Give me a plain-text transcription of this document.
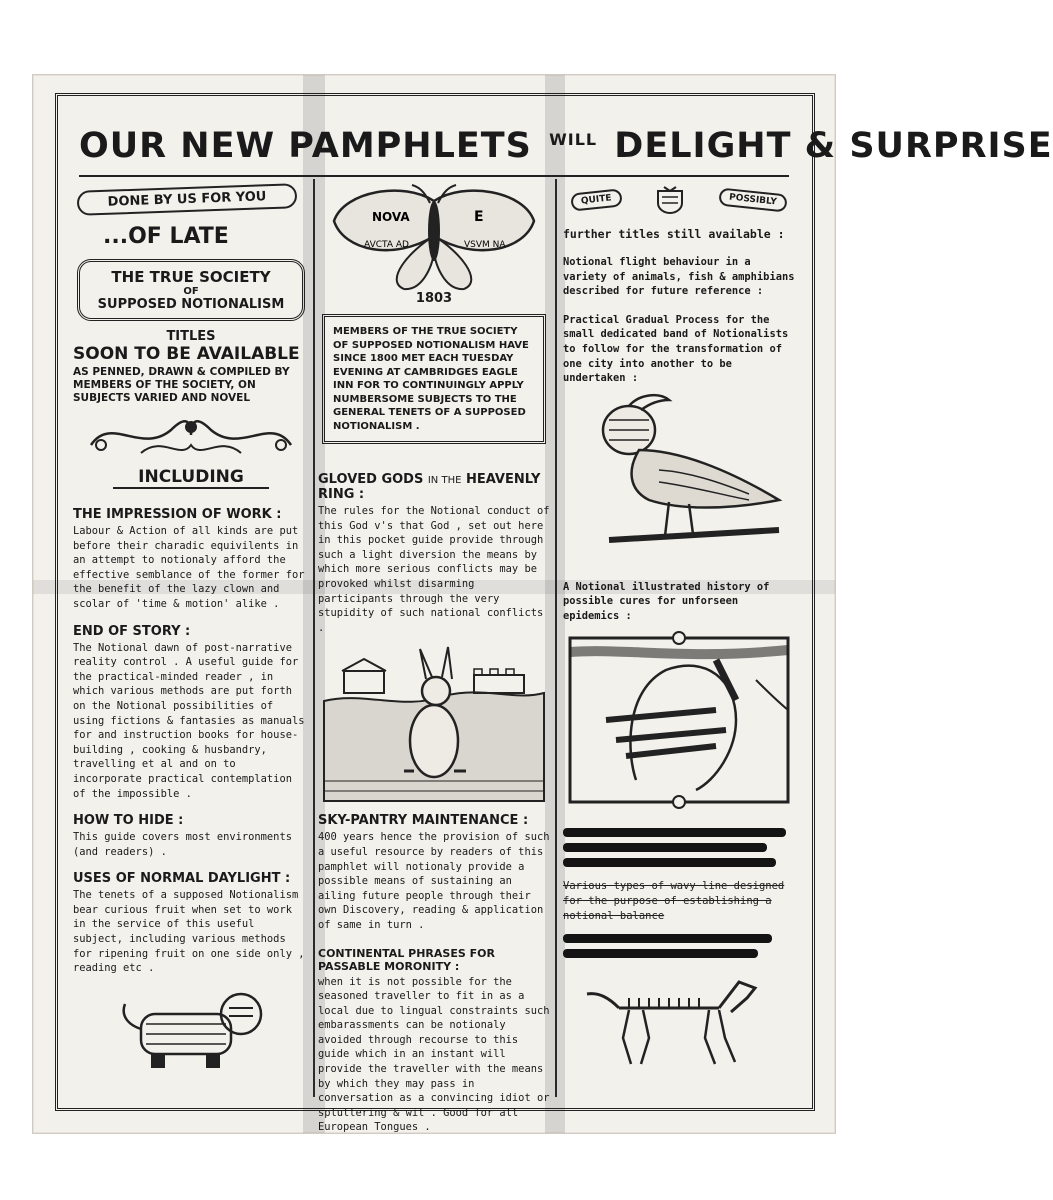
OUR NEW PAMPHLETS $^{WILL}$ DELIGHT & SURPRISE
DONE BY US FOR YOU
...OF LATE
THE TRUE SOCIETY
OF
SUPPOSED NOTIONALISM
TITLES
SOON TO BE AVAILABLE

AS PENNED, DRAWN & COMPILED BY MEMBERS OF THE SOCIETY, ON SUBJECTS VARIED AND NOVEL

INCLUDING

THE IMPRESSION OF WORK :

Labour & Action of all kinds are put before their charadic equivilents in an attempt to notionaly afford the effective semblance of the former for the benefit of the lazy clown and scolar of 'time & motion' alike .

END OF STORY :

The Notional dawn of post-narrative reality control . A useful guide for the practical-minded reader , in which various methods are put forth on the Notional possibilities of using fictions & fantasies as manuals for and instruction books for house-building , cooking & husbandry, travelling et al and on to incorporate practical contemplation of the impossible .

HOW TO HIDE :

This guide covers most environments (and readers) .

USES OF NORMAL DAYLIGHT :

The tenets of a supposed Notionalism bear curious fruit when set to work in the service of this useful subject, including various methods for ripening fruit on one side only , reading etc .

NOVA	E
AVCTA AD	VSVM NA
1803
MEMBERS OF THE TRUE SOCIETY OF SUPPOSED NOTIONALISM HAVE SINCE 1800 MET EACH TUESDAY EVENING AT CAMBRIDGES EAGLE INN FOR TO CONTINUINGLY APPLY NUMBERSOME SUBJECTS TO THE GENERAL TENETS OF A SUPPOSED NOTIONALISM .

GLOVED GODS IN THE HEAVENLY RING :

The rules for the Notional conduct of this God v's that God , set out here in this pocket guide provide through such a light diversion the means by which more serious conflicts may be provoked whilst disarming participants through the very stupidity of such national conflicts .

SKY-PANTRY MAINTENANCE :

400 years hence the provision of such a useful resource by readers of this pamphlet will notionaly provide a possible means of sustaining an ailing future people through their own Discovery, reading & application of same in turn .

CONTINENTAL PHRASES FOR PASSABLE MORONITY :

when it is not possible for the seasoned traveller to fit in as a local due to lingual constraints such embarassments can be notionaly avoided through recourse to this guide which in an instant will provide the traveller with the means by which they may pass in conversation as a convincing idiot or spluttering & wit . Good for all European Tongues .

QUITE	POSSIBLY

further titles still available :

Notional flight behaviour in a variety of animals, fish & amphibians described for future reference :

Practical Gradual Process for the small dedicated band of Notionalists to follow for the transformation of one city into another to be undertaken :

A Notional illustrated history of possible cures for unforseen epidemics :

Various types of wavy line designed for the purpose of establishing a notional balance
